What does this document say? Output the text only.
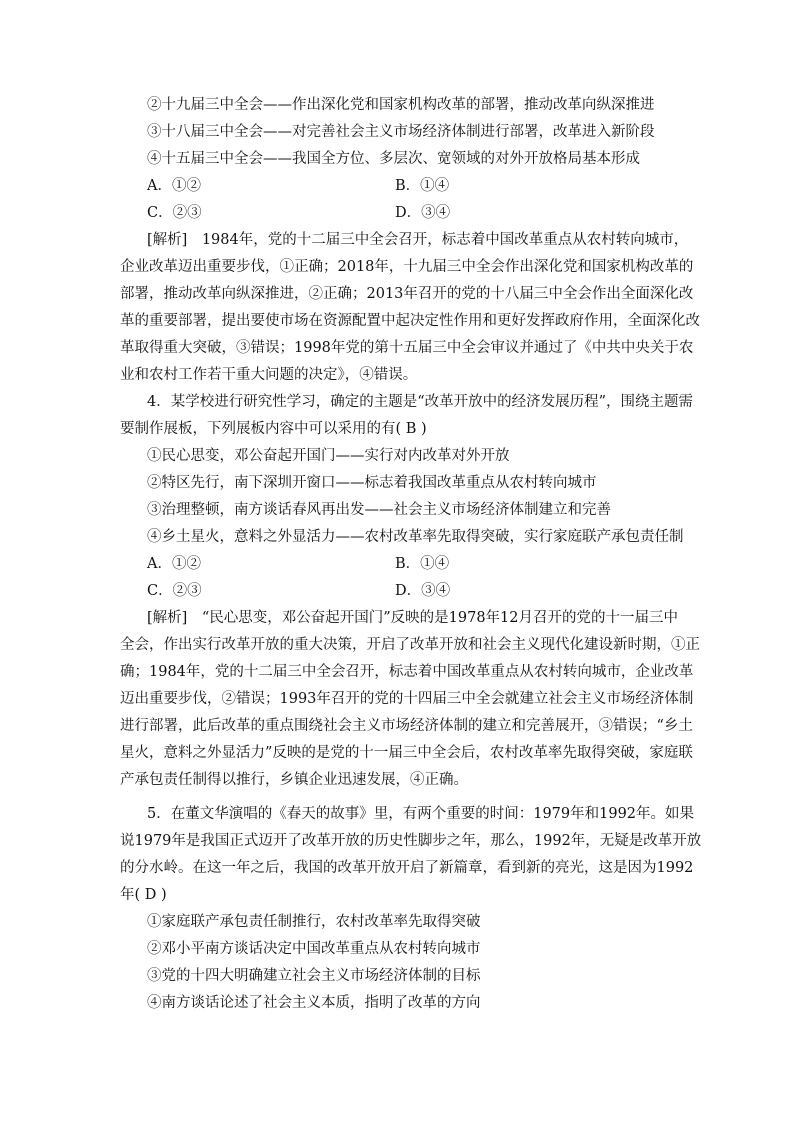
②十九届三中全会——作出深化党和国家机构改革的部署，推动改革向纵深推进
③十八届三中全会——对完善社会主义市场经济体制进行部署，改革进入新阶段
④十五届三中全会——我国全方位、多层次、宽领域的对外开放格局基本形成
A．①②	B．①④
C．②③	D．③④
[解析]　1984年，党的十二届三中全会召开，标志着中国改革重点从农村转向城市，
企业改革迈出重要步伐，①正确；2018年，十九届三中全会作出深化党和国家机构改革的
部署，推动改革向纵深推进，②正确；2013年召开的党的十八届三中全会作出全面深化改
革的重要部署，提出要使市场在资源配置中起决定性作用和更好发挥政府作用，全面深化改
革取得重大突破，③错误；1998年党的第十五届三中全会审议并通过了《中共中央关于农
业和农村工作若干重大问题的决定》，④错误。
4．某学校进行研究性学习，确定的主题是“改革开放中的经济发展历程”，围绕主题需
要制作展板，下列展板内容中可以采用的有( B )
①民心思变，邓公奋起开国门——实行对内改革对外开放
②特区先行，南下深圳开窗口——标志着我国改革重点从农村转向城市
③治理整顿，南方谈话春风再出发——社会主义市场经济体制建立和完善
④乡土星火，意料之外显活力——农村改革率先取得突破，实行家庭联产承包责任制
A．①②	B．①④
C．②③	D．③④
[解析]　“民心思变，邓公奋起开国门”反映的是1978年12月召开的党的十一届三中
全会，作出实行改革开放的重大决策，开启了改革开放和社会主义现代化建设新时期，①正
确；1984年，党的十二届三中全会召开，标志着中国改革重点从农村转向城市，企业改革
迈出重要步伐，②错误；1993年召开的党的十四届三中全会就建立社会主义市场经济体制
进行部署，此后改革的重点围绕社会主义市场经济体制的建立和完善展开，③错误；“乡土
星火，意料之外显活力”反映的是党的十一届三中全会后，农村改革率先取得突破，家庭联
产承包责任制得以推行，乡镇企业迅速发展，④正确。
5．在董文华演唱的《春天的故事》里，有两个重要的时间：1979年和1992年。如果
说1979年是我国正式迈开了改革开放的历史性脚步之年，那么，1992年，无疑是改革开放
的分水岭。在这一年之后，我国的改革开放开启了新篇章，看到新的亮光，这是因为1992
年( D )
①家庭联产承包责任制推行，农村改革率先取得突破
②邓小平南方谈话决定中国改革重点从农村转向城市
③党的十四大明确建立社会主义市场经济体制的目标
④南方谈话论述了社会主义本质，指明了改革的方向
